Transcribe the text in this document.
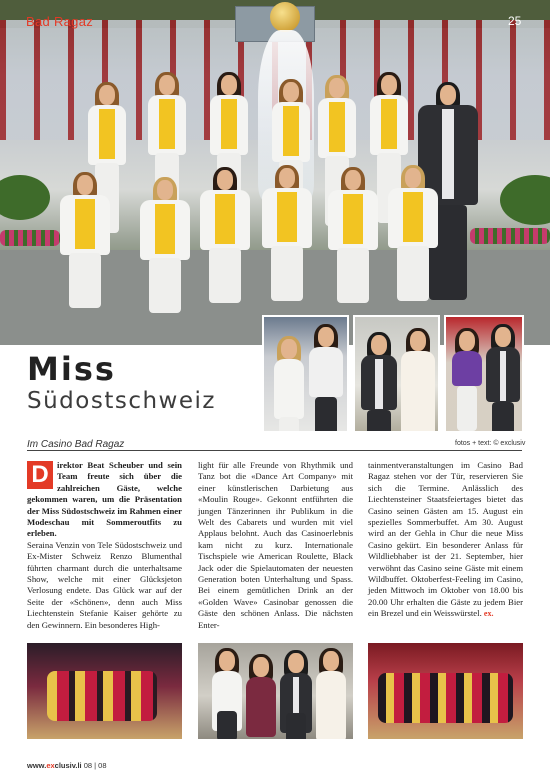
Bad Ragaz	25
Miss
Südostschweiz
Im Casino Bad Ragaz	fotos + text: © exclusiv
D irektor Beat Scheuber und sein Team freute sich über die zahlreichen Gäste, welche gekommen waren, um die Präsentation der Miss Südostschweiz im Rahmen einer Modeschau mit Sommeroutfits zu erleben.
Seraina Venzin von Tele Südostschweiz und Ex-Mister Schweiz Renzo Blumenthal führten charmant durch die unterhaltsame Show, welche mit einer Glücksjeton Verlosung endete. Das Glück war auf der Seite der «Schönen», denn auch Miss Liechtenstein Stefanie Kaiser gehörte zu den Gewinnern. Ein besonderes High-
light für alle Freunde von Rhythmik und Tanz bot die «Dance Art Company» mit einer künstlerischen Darbietung aus «Moulin Rouge». Gekonnt entführten die jungen Tänzerinnen ihr Publikum in die Welt des Cabarets und wurden mit viel Applaus belohnt. Auch das Casinoerlebnis kam nicht zu kurz. Internationale Tischspiele wie American Roulette, Black Jack oder die Spielautomaten der neuesten Generation boten Unterhaltung und Spass. Bei einem gemütlichen Drink an der «Golden Wave» Casinobar genossen die Gäste den schönen Anlass. Die nächsten Enter-
tainmentveranstaltungen im Casino Bad Ragaz stehen vor der Tür, reservieren Sie sich die Termine. Anlässlich des Liechtensteiner Staatsfeiertages bietet das Casino seinen Gästen am 15. August ein spezielles Sommerbuffet. Am 30. August wird an der Gehla in Chur die neue Miss Casino gekürt. Ein besonderer Anlass für Wildliebhaber ist der 21. September, hier verwöhnt das Casino seine Gäste mit einem Wildbuffet. Oktoberfest-Feeling im Casino, jeden Mittwoch im Oktober von 18.00 bis 20.00 Uhr erhalten die Gäste zu jedem Bier ein Brezel und ein Weisswürstel. ex.
www.exclusiv.li 08 | 08
